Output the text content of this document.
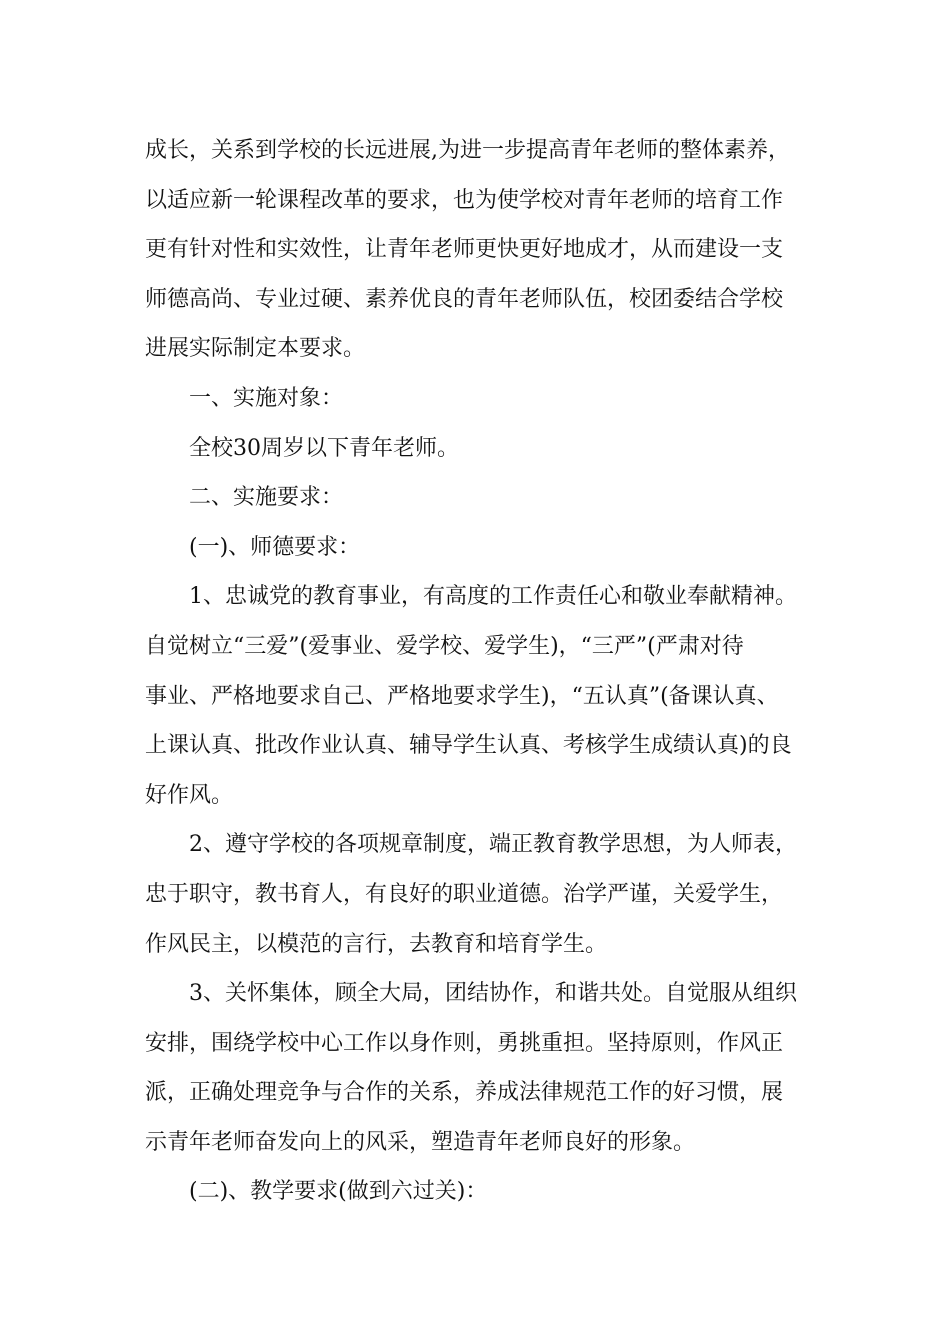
成长，关系到学校的长远进展,为进一步提高青年老师的整体素养，
以适应新一轮课程改革的要求，也为使学校对青年老师的培育工作
更有针对性和实效性，让青年老师更快更好地成才，从而建设一支
师德高尚、专业过硬、素养优良的青年老师队伍，校团委结合学校
进展实际制定本要求。
一、实施对象：
全校30周岁以下青年老师。
二、实施要求：
(一)、师德要求：
1、忠诚党的教育事业，有高度的工作责任心和敬业奉献精神。
自觉树立“三爱”(爱事业、爱学校、爱学生)，“三严”(严肃对待
事业、严格地要求自己、严格地要求学生)，“五认真”(备课认真、
上课认真、批改作业认真、辅导学生认真、考核学生成绩认真)的良
好作风。
2、遵守学校的各项规章制度，端正教育教学思想，为人师表，
忠于职守，教书育人，有良好的职业道德。治学严谨，关爱学生，
作风民主，以模范的言行，去教育和培育学生。
3、关怀集体，顾全大局，团结协作，和谐共处。自觉服从组织
安排，围绕学校中心工作以身作则，勇挑重担。坚持原则，作风正
派，正确处理竞争与合作的关系，养成法律规范工作的好习惯，展
示青年老师奋发向上的风采，塑造青年老师良好的形象。
(二)、教学要求(做到六过关)：
